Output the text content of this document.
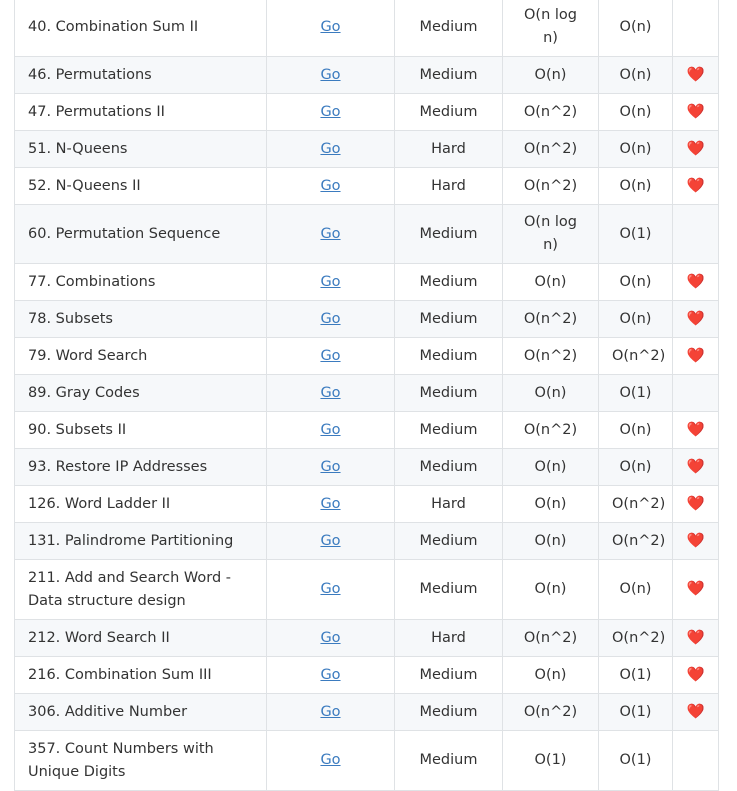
40. Combination Sum II	Go	Medium	O(n log n)	O(n)	
46. Permutations	Go	Medium	O(n)	O(n)	❤️
47. Permutations II	Go	Medium	O(n^2)	O(n)	❤️
51. N-Queens	Go	Hard	O(n^2)	O(n)	❤️
52. N-Queens II	Go	Hard	O(n^2)	O(n)	❤️
60. Permutation Sequence	Go	Medium	O(n log n)	O(1)	
77. Combinations	Go	Medium	O(n)	O(n)	❤️
78. Subsets	Go	Medium	O(n^2)	O(n)	❤️
79. Word Search	Go	Medium	O(n^2)	O(n^2)	❤️
89. Gray Codes	Go	Medium	O(n)	O(1)	
90. Subsets II	Go	Medium	O(n^2)	O(n)	❤️
93. Restore IP Addresses	Go	Medium	O(n)	O(n)	❤️
126. Word Ladder II	Go	Hard	O(n)	O(n^2)	❤️
131. Palindrome Partitioning	Go	Medium	O(n)	O(n^2)	❤️
211. Add and Search Word - Data structure design	Go	Medium	O(n)	O(n)	❤️
212. Word Search II	Go	Hard	O(n^2)	O(n^2)	❤️
216. Combination Sum III	Go	Medium	O(n)	O(1)	❤️
306. Additive Number	Go	Medium	O(n^2)	O(1)	❤️
357. Count Numbers with Unique Digits	Go	Medium	O(1)	O(1)	
